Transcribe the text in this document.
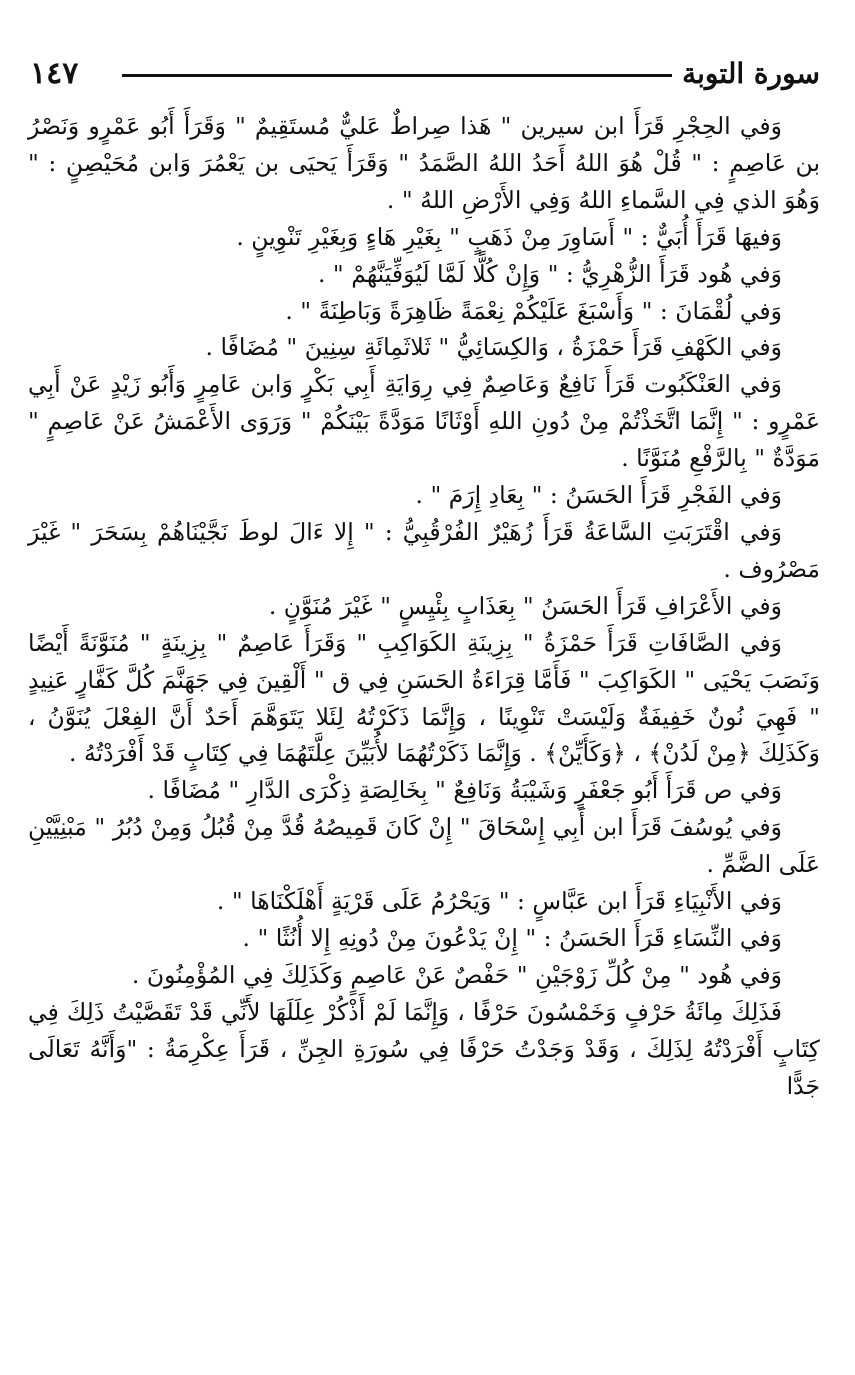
١٤٧	سورة التوبة

وَفي الحِجْرِ قَرَأَ ابن سيرين " هَذا صِراطٌ عَليٌّ مُستَقِيمٌ " وَقَرَأَ أَبُو عَمْرٍو وَنَصْرُ بن عَاصِمٍ : " قُلْ هُوَ اللهُ أَحَدُ اللهُ الصَّمَدُ " وَقَرَأَ يَحيَى بن يَعْمُرَ وَابن مُحَيْصِنٍ : " وَهُوَ الذي فِي السَّماءِ اللهُ وَفِي الأَرْضِ اللهُ " .

وَفيهَا قَرَأَ أُبَيٌّ : " أَسَاوِرَ مِنْ ذَهَبٍ " بِغَيْرِ هَاءٍ وَبِغَيْرِ تَنْوِينٍ .

وَفي هُود قَرَأَ الزُّهْرِيُّ : " وَإِنْ كُلًّا لَمَّا لَيُوَفِّيَنَّهُمْ " .

وَفي لُقْمَانَ : " وَأَسْبَغَ عَلَيْكُمْ نِعْمَةً ظَاهِرَةً وَبَاطِنَةً " .

وَفي الكَهْفِ قَرَأَ حَمْزَةُ ، وَالكِسَائِيُّ " ثَلاثَمِائَةِ سِنِينَ " مُضَافًا .

وَفي العَنْكَبُوت قَرَأَ نَافِعٌ وَعَاصِمٌ فِي رِوَايَةِ أَبِي بَكْرٍ وَابن عَامِرٍ وَأَبُو زَيْدٍ عَنْ أَبِي عَمْرٍو : " إِنَّمَا اتَّخَذْتُمْ مِنْ دُونِ اللهِ أَوْثَانًا مَوَدَّةً بَيْنَكُمْ " وَرَوَى الأَعْمَشُ عَنْ عَاصِمٍ " مَوَدَّةٌ " بِالرَّفْعِ مُنَوَّنًا .

وَفي الفَجْرِ قَرَأَ الحَسَنُ : " بِعَادِ إِرَمَ " .

وَفي اقْتَرَبَتِ السَّاعَةُ قَرَأَ زُهَيْرٌ الفُرْقُبِيُّ : " إِلا ءَالَ لوطَ نَجَّيْنَاهُمْ بِسَحَرَ " غَيْرَ مَصْرُوف .

وَفي الأَعْرَافِ قَرَأَ الحَسَنُ " بِعَذَابٍ بِئْيِسٍ " غَيْرَ مُنَوَّنٍ .

وَفي الصَّافَاتِ قَرَأَ حَمْزَةُ " بِزِينَةِ الكَوَاكِبِ " وَقَرَأَ عَاصِمٌ " بِزِينَةٍ " مُنَوَّنَةً أَيْضًا وَنَصَبَ يَحْيَى " الكَوَاكِبَ " فَأَمَّا قِرَاءَةُ الحَسَنِ فِي ق " أَلْقِينَ فِي جَهَنَّمَ كُلَّ كَفَّارٍ عَنِيدٍ " فَهِيَ نُونٌ خَفِيفَةٌ وَلَيْسَتْ تَنْوِينًا ، وَإِنَّمَا ذَكَرْتُهُ لِئَلا يَتَوَهَّمَ أَحَدٌ أَنَّ الفِعْلَ يُنَوَّنُ ، وَكَذَلِكَ ﴿مِنْ لَدُنْ﴾ ، ﴿وَكَأَيِّنْ﴾ . وَإِنَّمَا ذَكَرْتُهُمَا لأُبَيِّنَ عِلَّتَهُمَا فِي كِتَابٍ قَدْ أَفْرَدْتُهُ .

وَفي ص قَرَأَ أَبُو جَعْفَرٍ وَشَيْبَةُ وَنَافِعٌ " بِخَالِصَةِ ذِكْرَى الدَّارِ " مُضَافًا .

وَفي يُوسُفَ قَرَأَ ابن أَبِي إِسْحَاقَ " إِنْ كَانَ قَمِيصُهُ قُدَّ مِنْ قُبُلُ وَمِنْ دُبُرُ " مَبْنِيَّيْنِ عَلَى الضَّمِّ .

وَفي الأَنْبِيَاءِ قَرَأَ ابن عَبَّاسٍ : " وَيَحْرُمُ عَلَى قَرْيَةٍ أَهْلَكْنَاهَا " .

وَفي النِّسَاءِ قَرَأَ الحَسَنُ : " إِنْ يَدْعُونَ مِنْ دُونِهِ إِلا أُنُثًا " .

وَفي هُود " مِنْ كُلِّ زَوْجَيْنِ " حَفْصٌ عَنْ عَاصِمٍ وَكَذَلِكَ فِي المُؤْمِنُونَ .

فَذَلِكَ مِائَةُ حَرْفٍ وَخَمْسُونَ حَرْفًا ، وَإِنَّمَا لَمْ أَذْكُرْ عِلَلَهَا لأَنِّي قَدْ تَقَصَّيْتُ ذَلِكَ فِي كِتَابٍ أَفْرَدْتُهُ لِذَلِكَ ، وَقَدْ وَجَدْتُ حَرْفًا فِي سُورَةِ الجِنِّ ، قَرَأَ عِكْرِمَةُ : "وَأَنَّهُ تَعَالَى جَدًّا
